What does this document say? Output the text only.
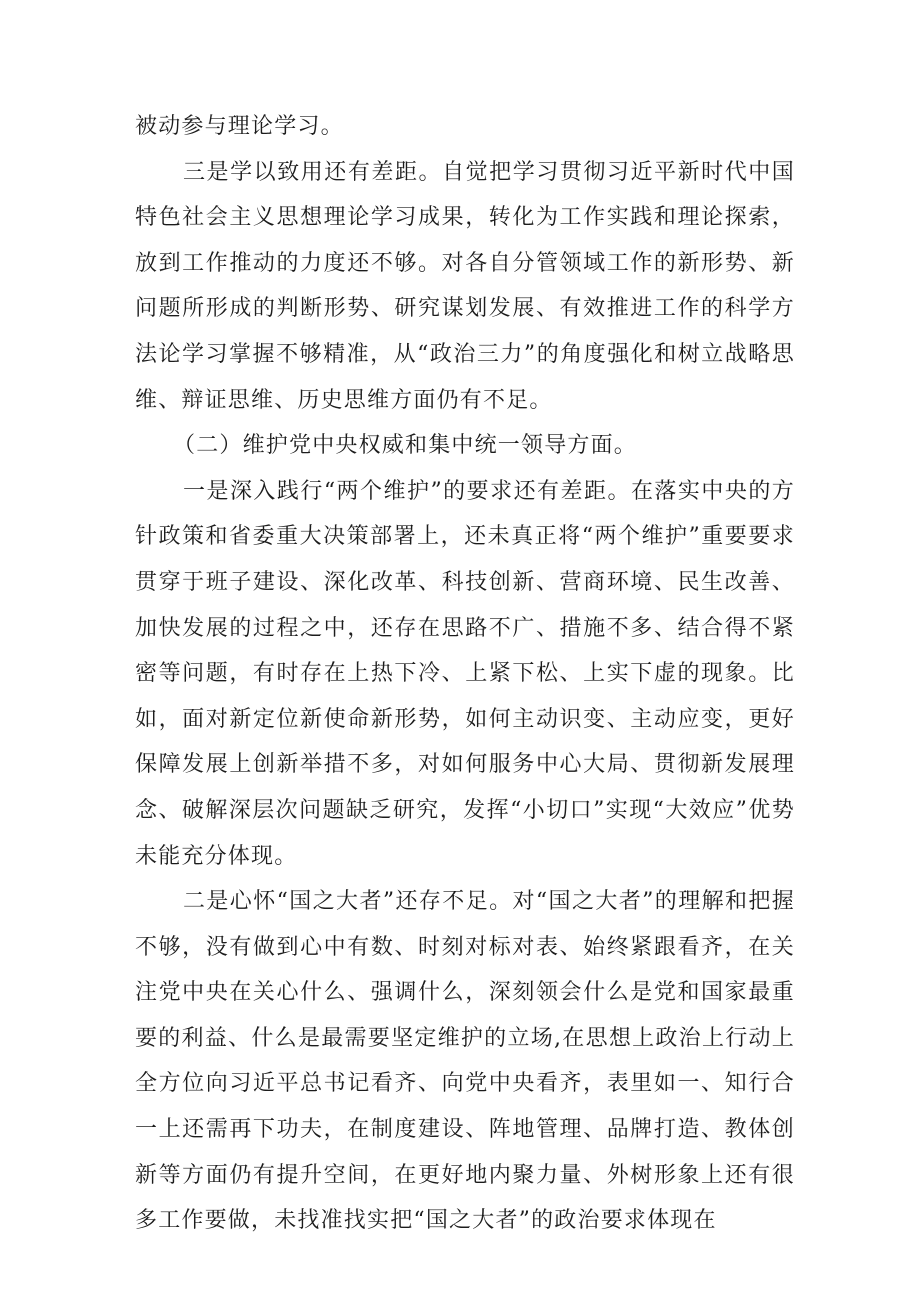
被动参与理论学习。

三是学以致用还有差距。自觉把学习贯彻习近平新时代中国特色社会主义思想理论学习成果，转化为工作实践和理论探索，放到工作推动的力度还不够。对各自分管领域工作的新形势、新问题所形成的判断形势、研究谋划发展、有效推进工作的科学方法论学习掌握不够精准，从“政治三力”的角度强化和树立战略思维、辩证思维、历史思维方面仍有不足。

（二）维护党中央权威和集中统一领导方面。

一是深入践行“两个维护”的要求还有差距。在落实中央的方针政策和省委重大决策部署上，还未真正将“两个维护”重要要求贯穿于班子建设、深化改革、科技创新、营商环境、民生改善、加快发展的过程之中，还存在思路不广、措施不多、结合得不紧密等问题，有时存在上热下冷、上紧下松、上实下虚的现象。比如，面对新定位新使命新形势，如何主动识变、主动应变，更好保障发展上创新举措不多，对如何服务中心大局、贯彻新发展理念、破解深层次问题缺乏研究，发挥“小切口”实现“大效应”优势未能充分体现。

二是心怀“国之大者”还存不足。对“国之大者”的理解和把握不够，没有做到心中有数、时刻对标对表、始终紧跟看齐，在关注党中央在关心什么、强调什么，深刻领会什么是党和国家最重要的利益、什么是最需要坚定维护的立场,在思想上政治上行动上全方位向习近平总书记看齐、向党中央看齐，表里如一、知行合一上还需再下功夫，在制度建设、阵地管理、品牌打造、教体创新等方面仍有提升空间，在更好地内聚力量、外树形象上还有很多工作要做，未找准找实把“国之大者”的政治要求体现在
